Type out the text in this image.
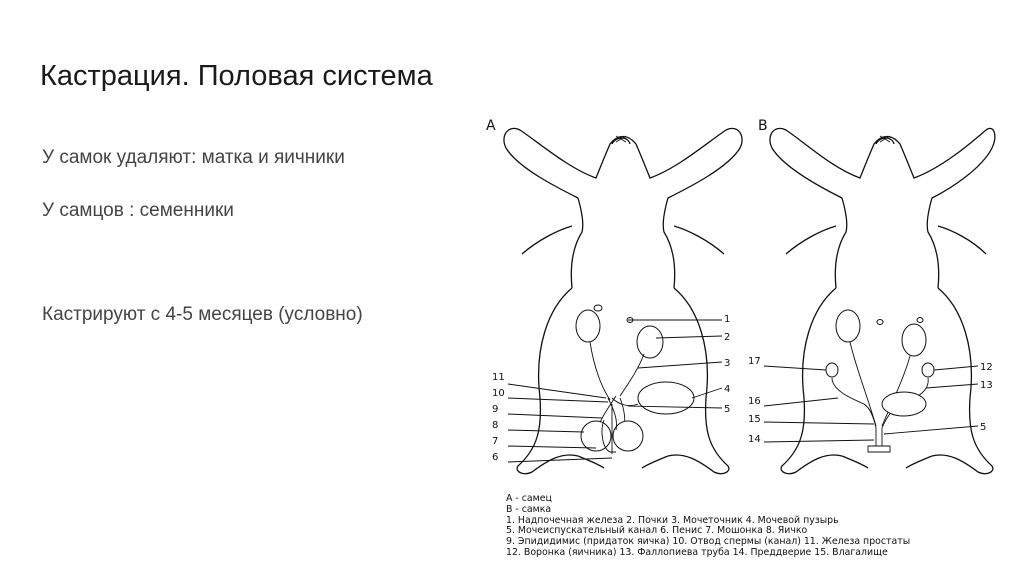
Кастрация. Половая система
У самок удаляют: матка и яичники
У самцов : семенники
Кастрируют с 4-5 месяцев (условно)
A	B
1
2
3
4
5
11
10
9
8
7
6
17
16
15
14
12
13
5
A - самец
B - самка
1. Надпочечная железа 2. Почки 3. Мочеточник 4. Мочевой пузырь
5. Мочеиспускательный канал 6. Пенис 7. Мошонка 8. Яичко
9. Эпидидимис (придаток яичка) 10. Отвод спермы (канал) 11. Железа простаты
12. Воронка (яичника) 13. Фаллопиева труба 14. Преддверие 15. Влагалище
